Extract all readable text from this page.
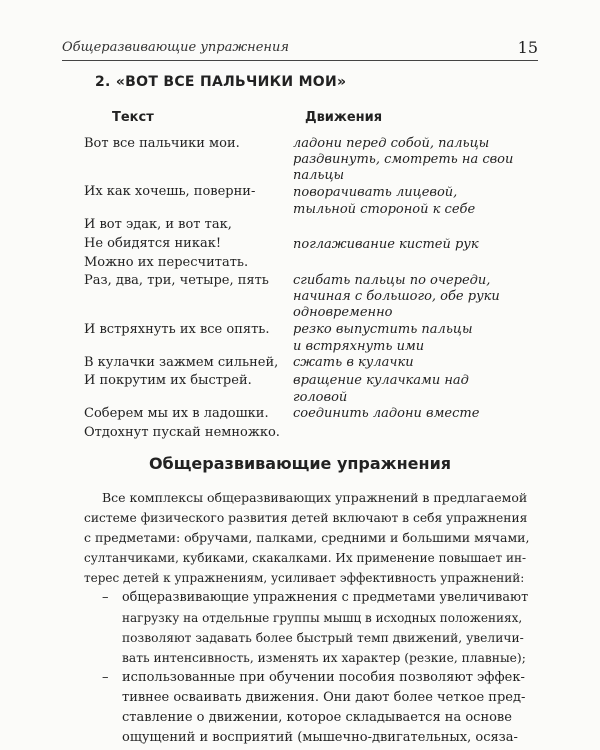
Общеразвивающие упражнения	15
2. «ВОТ ВСЕ ПАЛЬЧИКИ МОИ»
Текст	Движения
Вот все пальчики мои.
Их как хочешь, поверни-
И вот эдак, и вот так,
Не обидятся никак!
Можно их пересчитать.
Раз, два, три, четыре, пять
И встряхнуть их все опять.
В кулачки зажмем сильней,
И покрутим их быстрей.
Соберем мы их в ладошки.
Отдохнут пускай немножко.
ладони перед собой, пальцы
раздвинуть, смотреть на свои
пальцы
поворачивать лицевой,
тыльной стороной к себе
поглаживание кистей рук
сгибать пальцы по очереди,
начиная с большого, обе руки
одновременно
резко выпустить пальцы
и встряхнуть ими
сжать в кулачки
вращение кулачками над
головой
соединить ладони вместе
Общеразвивающие упражнения
Все комплексы общеразвивающих упражнений в предлагаемой
системе физического развития детей включают в себя упражнения
с предметами: обручами, палками, средними и большими мячами,
султанчиками, кубиками, скакалками. Их применение повышает ин-
терес детей к упражнениям, усиливает эффективность упражнений:
– общеразвивающие упражнения с предметами увеличивают
нагрузку на отдельные группы мышц в исходных положениях,
позволяют задавать более быстрый темп движений, увеличи-
вать интенсивность, изменять их характер (резкие, плавные);
– использованные при обучении пособия позволяют эффек-
тивнее осваивать движения. Они дают более четкое пред-
ставление о движении, которое складывается на основе
ощущений и восприятий (мышечно-двигательных, осяза-
